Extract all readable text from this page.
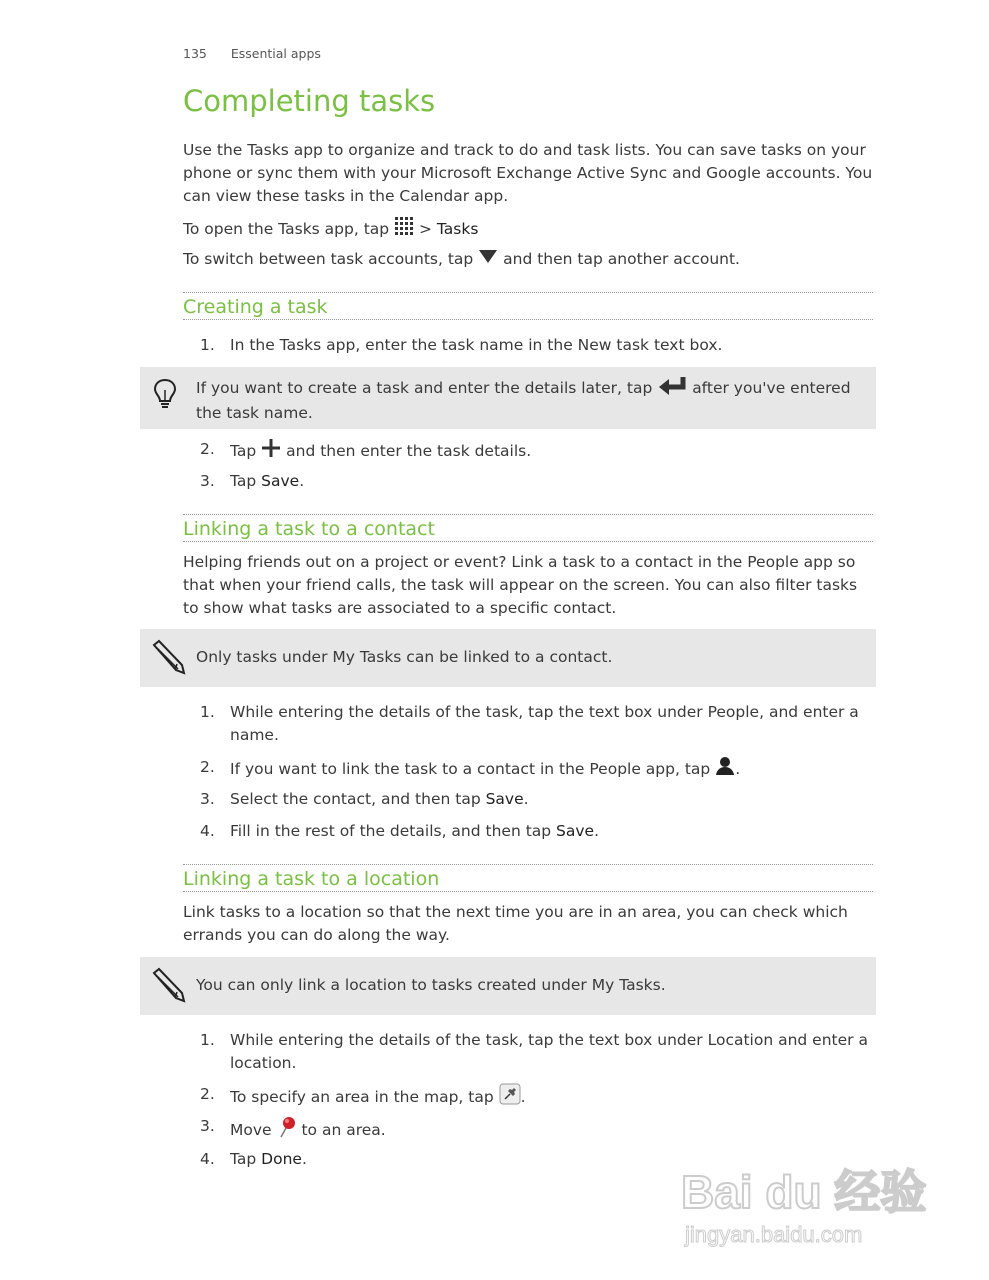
135 Essential apps
Completing tasks

Use the Tasks app to organize and track to do and task lists. You can save tasks on your phone or sync them with your Microsoft Exchange Active Sync and Google accounts. You can view these tasks in the Calendar app.

To open the Tasks app, tap  > Tasks

To switch between task accounts, tap and then tap another account.

Creating a task
1. In the Tasks app, enter the task name in the New task text box.
If you want to create a task and enter the details later, tap	after you've entered the task name.
2. Tap and then enter the task details.
3. Tap Save.
Linking a task to a contact

Helping friends out on a project or event? Link a task to a contact in the People app so that when your friend calls, the task will appear on the screen. You can also filter tasks to show what tasks are associated to a specific contact.

Only tasks under My Tasks can be linked to a contact.
1. While entering the details of the task, tap the text box under People, and enter a name.
2. If you want to link the task to a contact in the People app, tap .
3. Select the contact, and then tap Save.
4. Fill in the rest of the details, and then tap Save.
Linking a task to a location

Link tasks to a location so that the next time you are in an area, you can check which errands you can do along the way.

You can only link a location to tasks created under My Tasks.
1. While entering the details of the task, tap the text box under Location and enter a location.
2. To specify an area in the map, tap .
3. Move to an area.
4. Tap Done.
Bai du 经验
jingyan.baidu.com
